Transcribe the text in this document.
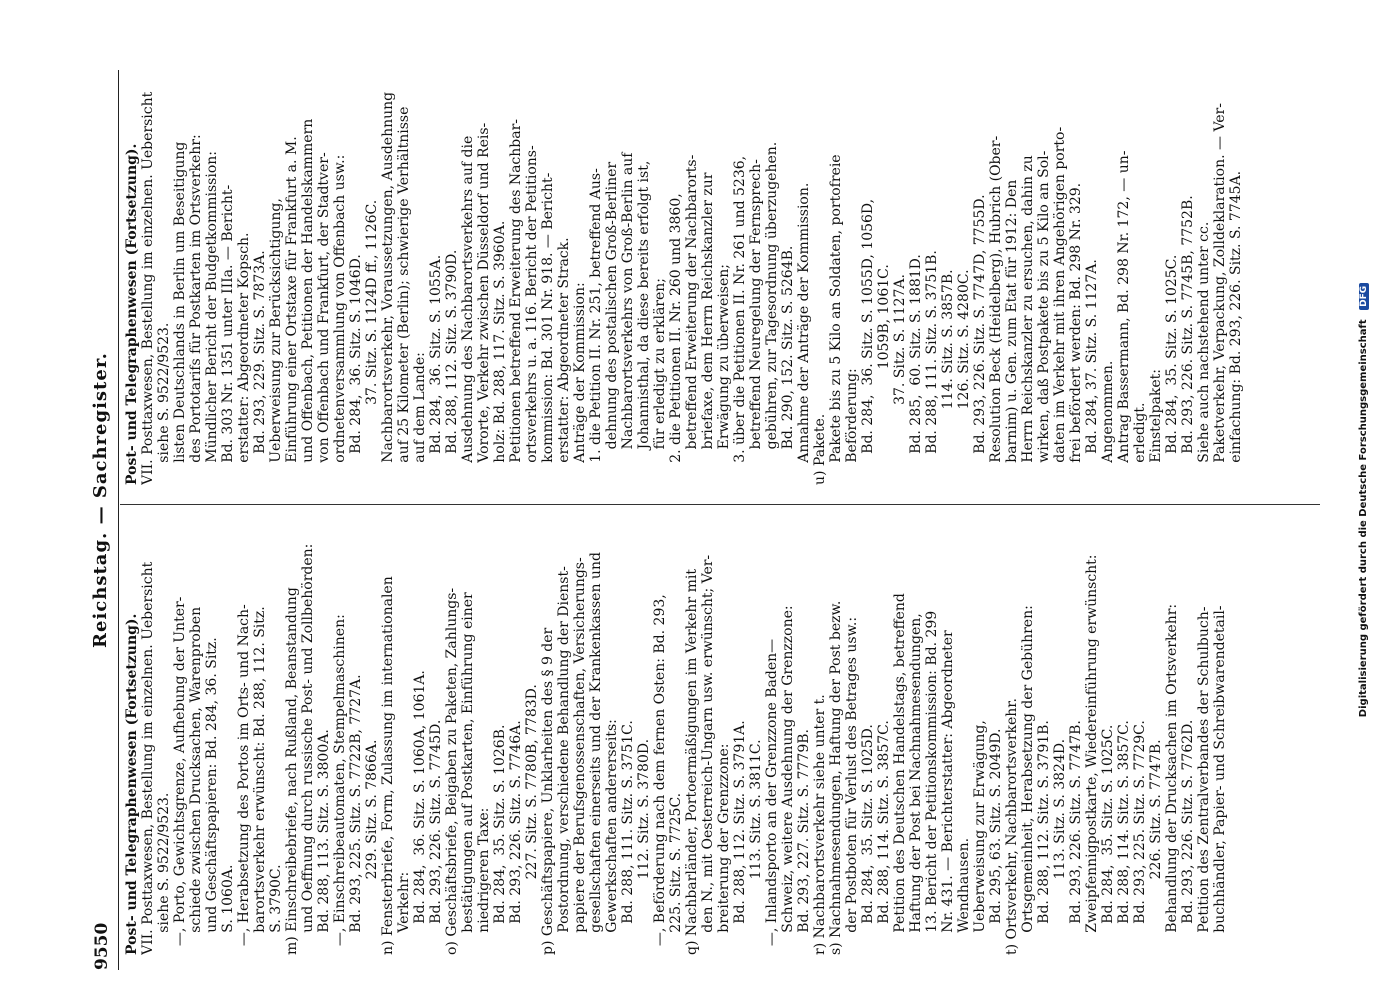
9550
Reichstag. — Sachregister.
Post- und Telegraphenwesen (Fortsetzung). VII. Posttaxwesen, Bestellung im einzelnen. Uebersicht siehe S. 9522/9523. —, Porto, Gewichtsgrenze, Aufhebung der Unter- schiede zwischen Drucksachen, Warenproben und Geschäftspapieren: Bd. 284, 36. Sitz. S. 1060A. —, Herabsetzung des Portos im Orts- und Nach- barortsverkehr erwünscht: Bd. 288, 112. Sitz. S. 3790C. m) Einschreibebriefe, nach Rußland, Beanstandung und Oeffnung durch russische Post- und Zollbehörden: Bd. 288, 113. Sitz. S. 3800A. —, Einschreibeautomaten, Stempelmaschinen: Bd. 293, 225. Sitz. S. 7722B, 7727A. 229. Sitz. S. 7866A. n) Fensterbriefe, Form, Zulassung im internationalen Verkehr: Bd. 284,  36. Sitz. S. 1060A, 1061A. Bd. 293, 226. Sitz. S. 7745D. o) Geschäftsbriefe, Beigaben zu Paketen, Zahlungs- bestätigungen auf Postkarten, Einführung einer niedrigeren Taxe: Bd. 284,  35. Sitz. S. 1026B. Bd. 293, 226. Sitz. S. 7746A. 227. Sitz. S. 7780B, 7783D. p) Geschäftspapiere, Unklarheiten des § 9 der Postordnung, verschiedene Behandlung der Dienst- papiere der Berufsgenossenschaften, Versicherungs- gesellschaften einerseits und der Krankenkassen und Gewerkschaften andererseits: Bd. 288, 111. Sitz. S. 3751C. 112. Sitz. S. 3780D. —, Beförderung nach dem fernen Osten: Bd. 293, 225. Sitz. S. 7725C. q) Nachbarländer, Portoermäßigungen im Verkehr mit den N., mit Oesterreich-Ungarn usw. erwünscht; Ver- breiterung der Grenzzone: Bd. 288, 112. Sitz. S. 3791A. 113. Sitz. S. 3811C. —, Inlandsporto an der Grenzzone Baden— Schweiz, weitere Ausdehnung der Grenzzone: Bd. 293, 227. Sitz. S. 7779B. r) Nachbarortsverkehr siehe unter t. s) Nachnahmesendungen, Haftung der Post bezw. der Postboten für Verlust des Betrages usw.: Bd. 284,  35. Sitz. S. 1025D. Bd. 288, 114. Sitz. S. 3857C. Petition des Deutschen Handelstags, betreffend Haftung der Post bei Nachnahmesendungen, 13. Bericht der Petitionskommission: Bd. 299 Nr. 431. — Berichterstatter: Abgeordneter Wendhausen. Ueberweisung zur Erwägung, Bd. 295, 63. Sitz. S. 2049D. t) Ortsverkehr, Nachbarortsverkehr. Ortsgemeinheit, Herabsetzung der Gebühren: Bd. 288, 112. Sitz. S. 3791B. 113. Sitz. S. 3824D. Bd. 293, 226. Sitz. S. 7747B. Zweipfennigpostkarte, Wiedereinführung erwünscht: Bd. 284,  35. Sitz. S. 1025C. Bd. 288, 114. Sitz. S. 3857C. Bd. 293, 225. Sitz. S. 7729C. 226. Sitz. S. 7747B. Behandlung der Drucksachen im Ortsverkehr: Bd. 293, 226. Sitz. S. 7762D. Petition des Zentralverbandes der Schulbuch- buchhändler, Papier- und Schreibwarendetail-
Post- und Telegraphenwesen (Fortsetzung). VII. Posttaxwesen, Bestellung im einzelnen. Uebersicht siehe S. 9522/9523. listen Deutschlands in Berlin um Beseitigung des Portotarifs für Postkarten im Ortsverkehr: Mündlicher Bericht der Budgetkommission: Bd. 303 Nr. 1351 unter IIIa. — Bericht- erstatter: Abgeordneter Kopsch. Bd. 293, 229. Sitz. S. 7873A. Ueberweisung zur Berücksichtigung, Einführung einer Ortstaxe für Frankfurt a. M. und Offenbach, Petitionen der Handelskammern von Offenbach und Frankfurt, der Stadtver- ordnetenversammlung von Offenbach usw.: Bd. 284,  36. Sitz. S. 1046D. 37. Sitz. S. 1124D ff., 1126C. Nachbarortsverkehr, Voraussetzungen, Ausdehnung auf 25 Kilometer (Berlin); schwierige Verhältnisse auf dem Lande: Bd. 284,  36. Sitz. S. 1055A. Bd. 288, 112. Sitz. S. 3790D. Ausdehnung des Nachbarortsverkehrs auf die Vororte, Verkehr zwischen Düsseldorf und Reis- holz: Bd. 288, 117. Sitz. S. 3960A. Petitionen betreffend Erweiterung des Nachbar- ortsverkehrs u. a. 116. Bericht der Petitions- kommission: Bd. 301 Nr. 918. — Bericht- erstatter: Abgeordneter Strack. Anträge der Kommission: 1. die Petition II. Nr. 251, betreffend Aus- dehnung des postalischen Groß-Berliner Nachbarortsverkehrs von Groß-Berlin auf Johannisthal, da diese bereits erfolgt ist, für erledigt zu erklären; 2. die Petitionen II. Nr. 260 und 3860, betreffend Erweiterung der Nachbarorts- briefaxe, dem Herrn Reichskanzler zur Erwägung zu überweisen; 3. über die Petitionen II. Nr. 261 und 5236, betreffend Neuregelung der Fernsprech- gebühren, zur Tagesordnung überzugehen. Bd. 290, 152. Sitz. S. 5264B. Annahme der Anträge der Kommission. u) Pakete. Pakete bis zu 5 Kilo an Soldaten, portofreie Beförderung: Bd. 284,  36. Sitz. S. 1055D, 1056D, 1059B, 1061C. 37. Sitz. S. 1127A. Bd. 285,  60. Sitz. S. 1881D. Bd. 288, 111. Sitz. S. 3751B. 114. Sitz. S. 3857B. 126. Sitz. S. 4280C. Bd. 293, 226. Sitz. S. 7747D, 7755D. Resolution Beck (Heidelberg), Hubrich (Ober- barnim) u. Gen. zum Etat für 1912: Den Herrn Reichskanzler zu ersuchen, dahin zu wirken, daß Postpakete bis zu 5 Kilo an Sol- daten im Verkehr mit ihren Angehörigen porto- frei befördert werden: Bd. 298 Nr. 329. Bd. 284, 37. Sitz. S. 1127A. Angenommen. Antrag Bassermann, Bd. 298 Nr. 172, — un- erledigt. Einstelpaket: Bd. 284,  35. Sitz. S. 1025C. Bd. 293, 226. Sitz. S. 7745B, 7752B. Siehe auch nachstehend unter cc. Paketverkehr, Verpackung, Zolldeklaration. — Ver- einfachung: Bd. 293, 226. Sitz. S. 7745A.	Digitalisierung gefördert durch die Deutsche Forschungsgemeinschaft DFG
